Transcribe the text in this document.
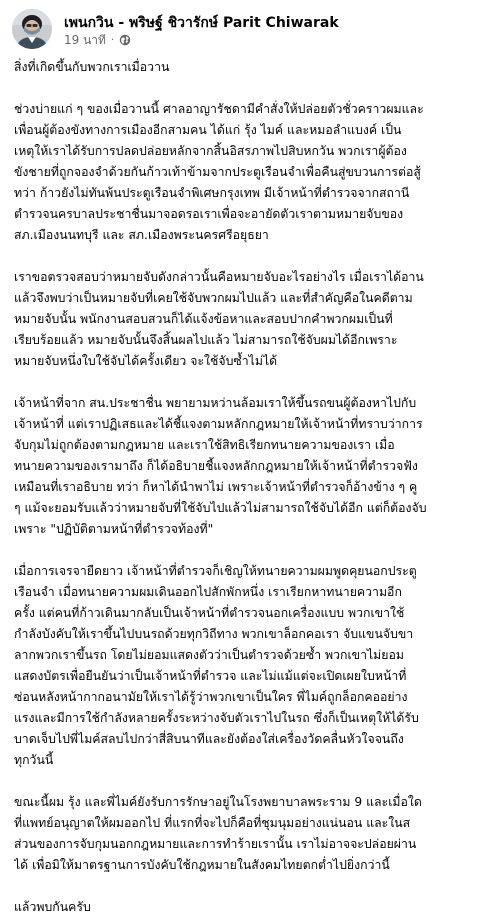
เพนกวิน - พริษฐ์ ชิวารักษ์ Parit Chiwarak
19 นาที ·
สิ่งที่เกิดขึ้นกับพวกเราเมื่อวาน
ช่วงบ่ายแก่ ๆ ของเมื่อวานนี้ ศาลอาญารัชดามีคำสั่งให้ปล่อยตัวชั่วคราวผมและ
เพื่อนผู้ต้องขังทางการเมืองอีกสามคน ได้แก่ รุ้ง ไมค์ และหมอลำแบงค์ เป็น
เหตุให้เราได้รับการปลดปล่อยหลักจากสิ้นอิสรภาพไปสิบหกวัน พวกเราผู้ต้อง
ขังชายที่ถูกจองจำด้วยกันก้าวเท้าข้ามจากประตูเรือนจำเพื่อคืนสู่ขบวนการต่อสู้
ทว่า ก้าวยังไม่ทันพ้นประตูเรือนจำพิเศษกรุงเทพ มีเจ้าหน้าที่ตำรวจจากสถานี
ตำรวจนครบาลประชาชื่นมาจอดรอเราเพื่อจะอายัดตัวเราตามหมายจับของ
สภ.เมืองนนทบุรี และ สภ.เมืองพระนครศรีอยุธยา
เราขอตรวจสอบว่าหมายจับดังกล่าวนั้นคือหมายจับอะไรอย่างไร เมื่อเราได้อาน
แล้วจึงพบว่าเป็นหมายจับที่เคยใช้จับพวกผมไปแล้ว และที่สำคัญคือในคดีตาม
หมายจับนั้น พนักงานสอบสวนก็ได้แจ้งข้อหาและสอบปากคำพวกผมเป็นที่
เรียบร้อยแล้ว หมายจับนั้นจึงสิ้นผลไปแล้ว ไม่สามารถใช้จับผมได้อีกเพราะ
หมายจับหนึ่งใบใช้จับได้ครั้งเดียว จะใช้จับซ้ำไม่ได้
เจ้าหน้าที่จาก สน.ประชาชื่น พยายามหว่านล้อมเราให้ขึ้นรถขนผู้ต้องหาไปกับ
เจ้าหน้าที่ แต่เราปฏิเสธและได้ชี้แจงตามหลักกฎหมายให้เจ้าหน้าที่ทราบว่าการ
จับกุมไม่ถูกต้องตามกฎหมาย และเราใช้สิทธิเรียกทนายความของเรา เมื่อ
ทนายความของเรามาถึง ก็ได้อธิบายชี้แจงหลักกฎหมายให้เจ้าหน้าที่ตำรวจฟัง
เหมือนที่เราอธิบาย ทว่า ก็หาได้นำพาไม่ เพราะเจ้าหน้าที่ตำรวจก็อ้างข้าง ๆ คู
ๆ แม้จะยอมรับแล้วว่าหมายจับที่ใช้จับไปแล้วไม่สามารถใช้จับได้อีก แต่ก็ต้องจับ
เพราะ "ปฏิบัติตามหน้าที่ตำรวจท้องที่"
เมื่อการเจรจายืดยาว เจ้าหน้าที่ตำรวจก็เชิญให้ทนายความผมพูดคุยนอกประตู
เรือนจำ เมื่อทนายความผมเดินออกไปสักพักหนึ่ง เราเรียกหาทนายความอีก
ครั้ง แต่คนที่ก้าวเดินมากลับเป็นเจ้าหน้าที่ตำรวจนอกเครื่องแบบ พวกเขาใช้
กำลังบังคับให้เราขึ้นไปบนรถด้วยทุกวิถีทาง พวกเขาล็อกคอเรา จับแขนจับขา
ลากพวกเราขึ้นรถ โดยไม่ยอมแสดงตัวว่าเป็นตำรวจด้วยซ้ำ พวกเขาไม่ยอม
แสดงบัตรเพื่อยืนยันว่าเป็นเจ้าหน้าที่ตำรวจ และไม่แม้แต่จะเปิดเผยใบหน้าที่
ซ่อนหลังหน้ากากอนามัยให้เราได้รู้ว่าพวกเขาเป็นใคร พี่ไมค์ถูกล็อกคออย่าง
แรงและมีการใช้กำลังหลายครั้งระหว่างจับตัวเราไปในรถ ซึ่งก็เป็นเหตุให้ได้รับ
บาดเจ็บไปพี่ไมค์สลบไปกว่าสี่สิบนาทีและยังต้องใส่เครื่องวัดคลื่นหัวใจจนถึง
ทุกวันนี้
ขณะนี้ผม รุ้ง และพี่ไมค์ยังรับการรักษาอยู่ในโรงพยาบาลพระราม 9 และเมื่อใด
ที่แพทย์อนุญาตให้ผมออกไป ที่แรกที่จะไปก็คือที่ชุมนุมอย่างแน่นอน และในส
ส่วนของการจับกุมนอกกฎหมายและการทำร้ายเรานั้น เราไม่อาจจะปล่อยผ่าน
ได้ เพื่อมิให้มาตรฐานการบังคับใช้กฎหมายในสังคมไทยตกต่ำไปยิ่งกว่านี้
แล้วพบกันครับ
